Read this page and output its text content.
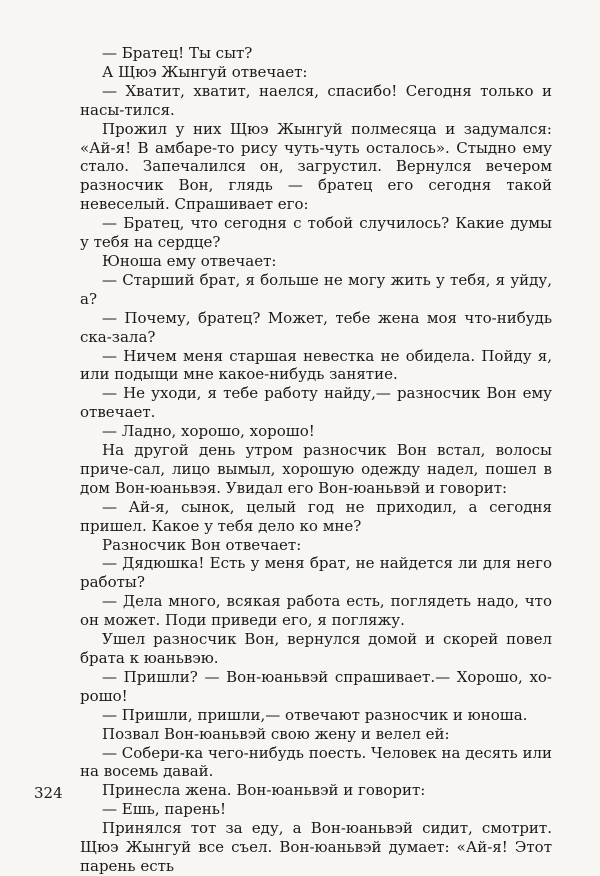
— Братец! Ты сыт?

А Щюэ Жынгуй отвечает:

— Хватит, хватит, наелся, спасибо! Сегодня только и насы-тился.

Прожил у них Щюэ Жынгуй полмесяца и задумался: «Ай-я! В амбаре-то рису чуть-чуть осталось». Стыдно ему стало. Запечалился он, загрустил. Вернулся вечером разносчик Вон, глядь — братец его сегодня такой невеселый. Спрашивает его:

— Братец, что сегодня с тобой случилось? Какие думы у тебя на сердце?

Юноша ему отвечает:

— Старший брат, я больше не могу жить у тебя, я уйду, а?

— Почему, братец? Может, тебе жена моя что-нибудь ска-зала?

— Ничем меня старшая невестка не обидела. Пойду я, или подыщи мне какое-нибудь занятие.

— Не уходи, я тебе работу найду,— разносчик Вон ему отвечает.

— Ладно, хорошо, хорошо!

На другой день утром разносчик Вон встал, волосы приче-сал, лицо вымыл, хорошую одежду надел, пошел в дом Вон-юаньвэя. Увидал его Вон-юаньвэй и говорит:

— Ай-я, сынок, целый год не приходил, а сегодня пришел. Какое у тебя дело ко мне?

Разносчик Вон отвечает:

— Дядюшка! Есть у меня брат, не найдется ли для него работы?

— Дела много, всякая работа есть, поглядеть надо, что он может. Поди приведи его, я погляжу.

Ушел разносчик Вон, вернулся домой и скорей повел брата к юаньвэю.

— Пришли? — Вон-юаньвэй спрашивает.— Хорошо, хо-рошо!

— Пришли, пришли,— отвечают разносчик и юноша.

Позвал Вон-юаньвэй свою жену и велел ей:

— Собери-ка чего-нибудь поесть. Человек на десять или на восемь давай.

Принесла жена. Вон-юаньвэй и говорит:

— Ешь, парень!

Принялся тот за еду, а Вон-юаньвэй сидит, смотрит. Щюэ Жынгуй все съел. Вон-юаньвэй думает: «Ай-я! Этот парень есть

324
